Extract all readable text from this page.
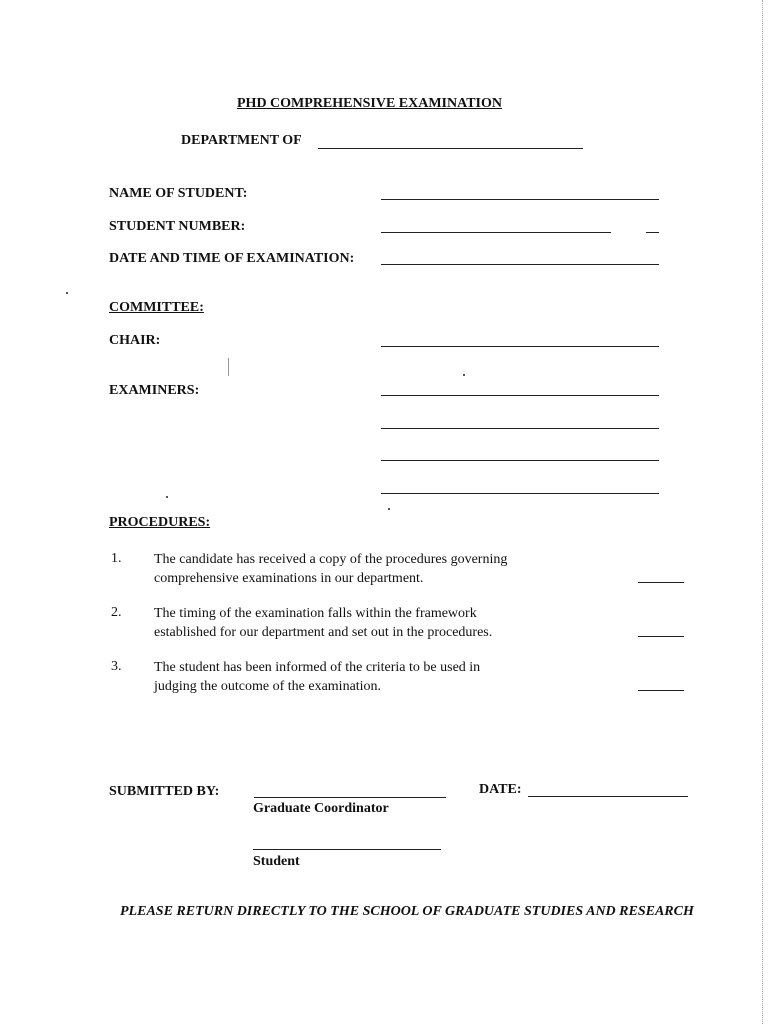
PHD COMPREHENSIVE EXAMINATION
DEPARTMENT OF
NAME OF STUDENT:
STUDENT NUMBER:
DATE AND TIME OF EXAMINATION:
COMMITTEE:
CHAIR:
EXAMINERS:
PROCEDURES:
1. The candidate has received a copy of the procedures governing
comprehensive examinations in our department.
2. The timing of the examination falls within the framework
established for our department and set out in the procedures.
3. The student has been informed of the criteria to be used in
judging the outcome of the examination.
SUBMITTED BY:
Graduate Coordinator
DATE:
Student
PLEASE RETURN DIRECTLY TO THE SCHOOL OF GRADUATE STUDIES AND RESEARCH
